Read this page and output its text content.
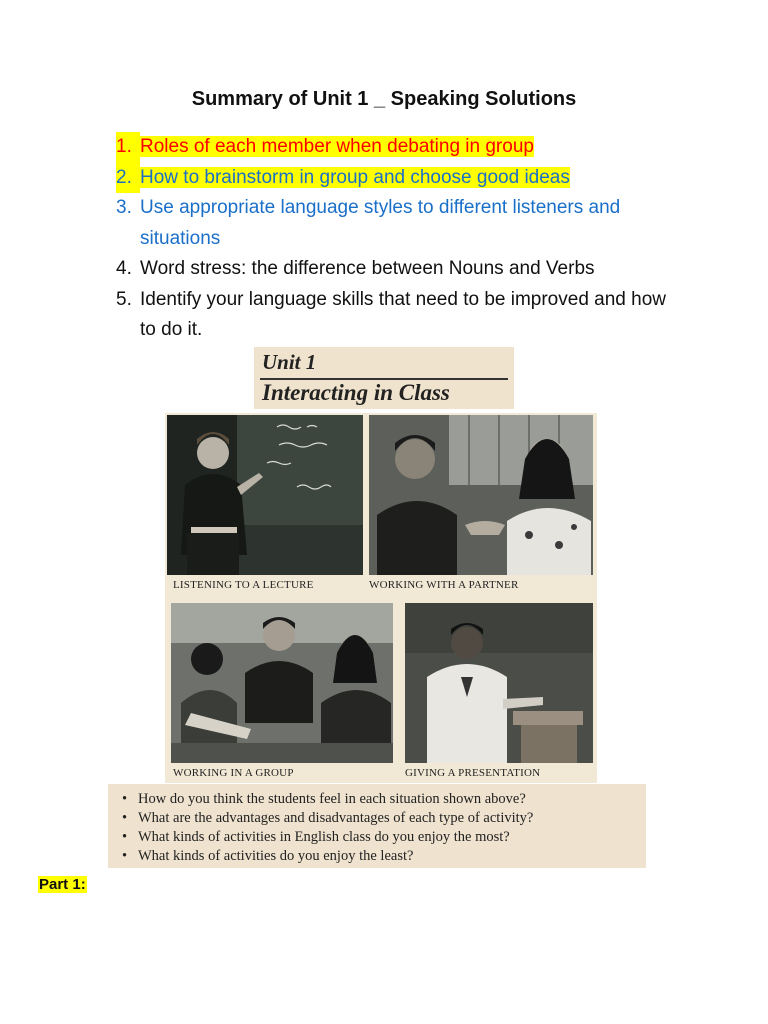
Summary of Unit 1 _ Speaking Solutions
1. Roles of each member when debating in group
2. How to brainstorm in group and choose good ideas
3. Use appropriate language styles to different listeners and situations
4. Word stress: the difference between Nouns and Verbs
5. Identify your language skills that need to be improved and how to do it.
Unit 1
Interacting in Class
LISTENING TO A LECTURE	WORKING WITH A PARTNER
WORKING IN A GROUP	GIVING A PRESENTATION
• How do you think the students feel in each situation shown above?
• What are the advantages and disadvantages of each type of activity?
• What kinds of activities in English class do you enjoy the most?
• What kinds of activities do you enjoy the least?
Part 1:
